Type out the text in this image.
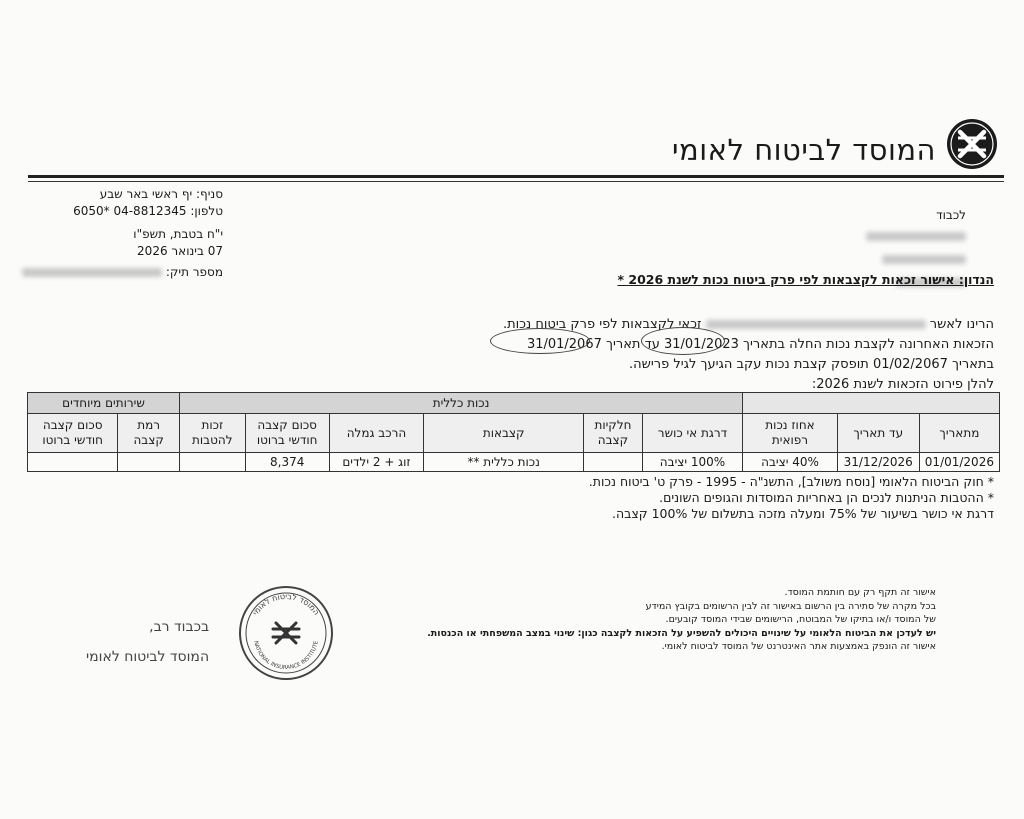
המוסד לביטוח לאומי
סניף: יף ראשי באר שבע
טלפון: 04-8812345 *6050
י"ח בטבת, תשפ"ו
07 בינואר 2026
מספר תיק:
לכבוד
הנדון: אישור זכאות לקצבאות לפי פרק ביטוח נכות לשנת 2026 *
הרינו לאשר  זכאי לקצבאות לפי פרק ביטוח נכות.
הזכאות האחרונה לקצבת נכות החלה בתאריך 31/01/2023 עד תאריך 31/01/2067
בתאריך 01/02/2067 תופסק קצבת נכות עקב הגיעך לגיל פרישה.
להלן פירוט הזכאות לשנת 2026:
			נכות כללית						שירותים מיוחדים	
מתאריך	עד תאריך	אחוז נכות רפואית	דרגת אי כושר	חלקיות קצבה	קצבאות	הרכב גמלה	סכום קצבה חודשי ברוטו	זכות להטבות	רמת קצבה	סכום קצבה חודשי ברוטו
01/01/2026	31/12/2026	40% יציבה	100% יציבה		נכות כללית **	זוג + 2 ילדים	8,374			
* חוק הביטוח הלאומי [נוסח משולב], התשנ"ה - 1995 - פרק ט' ביטוח נכות.
* ההטבות הניתנות לנכים הן באחריות המוסדות והגופים השונים.
דרגת אי כושר בשיעור של 75% ומעלה מזכה בתשלום של 100% קצבה.
אישור זה תקף רק עם חותמת המוסד.
בכל מקרה של סתירה בין הרשום באישור זה לבין הרשומים בקובץ המידע
של המוסד ו/או בתיקו של המבוטח, הרישומים שבידי המוסד קובעים.
יש לעדכן את הביטוח הלאומי על שינויים היכולים להשפיע על הזכאות לקצבה כגון: שינוי במצב המשפחתי או הכנסות.
אישור זה הונפק באמצעות אתר האינטרנט של המוסד לביטוח לאומי.
המוסד לביטוח לאומי
NATIONAL INSURANCE INSTITUTE
בכבוד רב,
המוסד לביטוח לאומי
